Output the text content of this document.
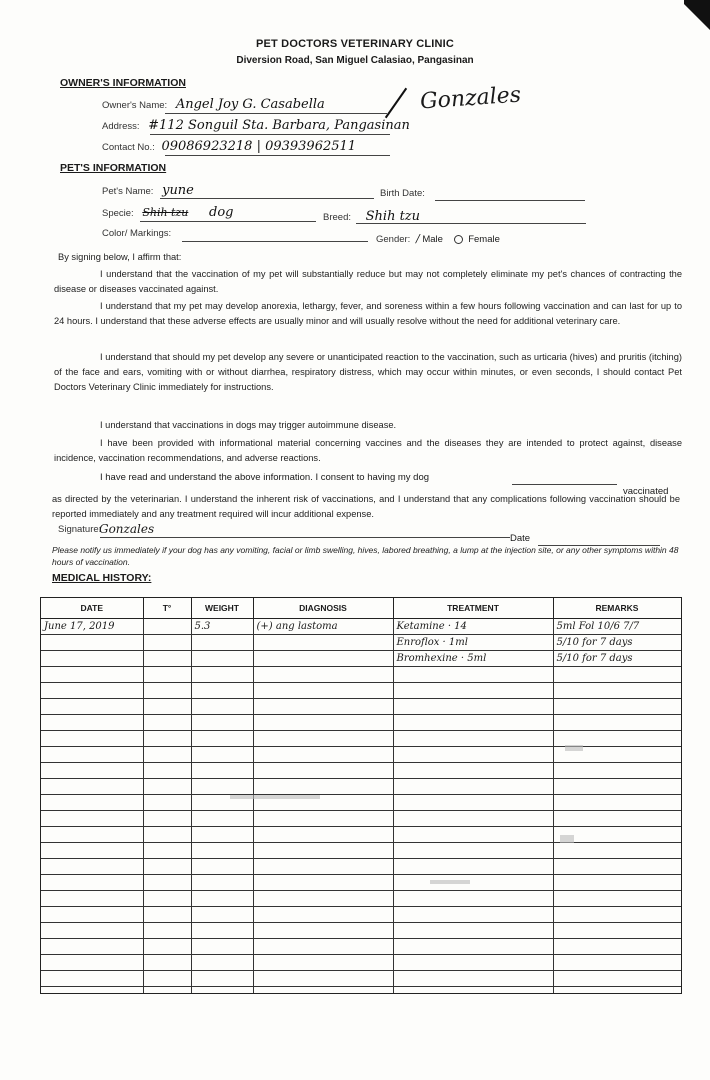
PET DOCTORS VETERINARY CLINIC
Diversion Road, San Miguel Calasiao, Pangasinan
OWNER'S INFORMATION
Owner's Name: Angel Joy G. Casabella	Gonzales
Address: #112 Songuil Sta. Barbara, Pangasinan
Contact No.: 09086923218 | 09393962511
PET'S INFORMATION
Pet's Name: yune	Birth Date:
Specie: Shih tzu dog	Breed: Shih tzu
Color/ Markings:
Gender: / Male	Female
By signing below, I affirm that:
I understand that the vaccination of my pet will substantially reduce but may not completely eliminate my pet's chances of contracting the disease or diseases vaccinated against.
I understand that my pet may develop anorexia, lethargy, fever, and soreness within a few hours following vaccination and can last for up to 24 hours. I understand that these adverse effects are usually minor and will usually resolve without the need for additional veterinary care.
I understand that should my pet develop any severe or unanticipated reaction to the vaccination, such as urticaria (hives) and pruritis (itching) of the face and ears, vomiting with or without diarrhea, respiratory distress, which may occur within minutes, or even seconds, I should contact Pet Doctors Veterinary Clinic immediately for instructions.
I understand that vaccinations in dogs may trigger autoimmune disease.
I have been provided with informational material concerning vaccines and the diseases they are intended to protect against, disease incidence, vaccination recommendations, and adverse reactions.
I have read and understand the above information. I consent to having my dog
vaccinated
as directed by the veterinarian. I understand the inherent risk of vaccinations, and I understand that any complications following vaccination should be reported immediately and any treatment required will incur additional expense.
Signature:
Gonzales
Date
Please notify us immediately if your dog has any vomiting, facial or limb swelling, hives, labored breathing, a lump at the injection site, or any other symptoms within 48 hours of vaccination.
MEDICAL HISTORY:
DATE	T°	WEIGHT	DIAGNOSIS	TREATMENT	REMARKS
June 17, 2019		5.3	(+) ang lastoma	Ketamine · 14	5ml Fol 10/6 7/7
				Enroflox · 1ml	5/10 for 7 days
				Bromhexine · 5ml	5/10 for 7 days
